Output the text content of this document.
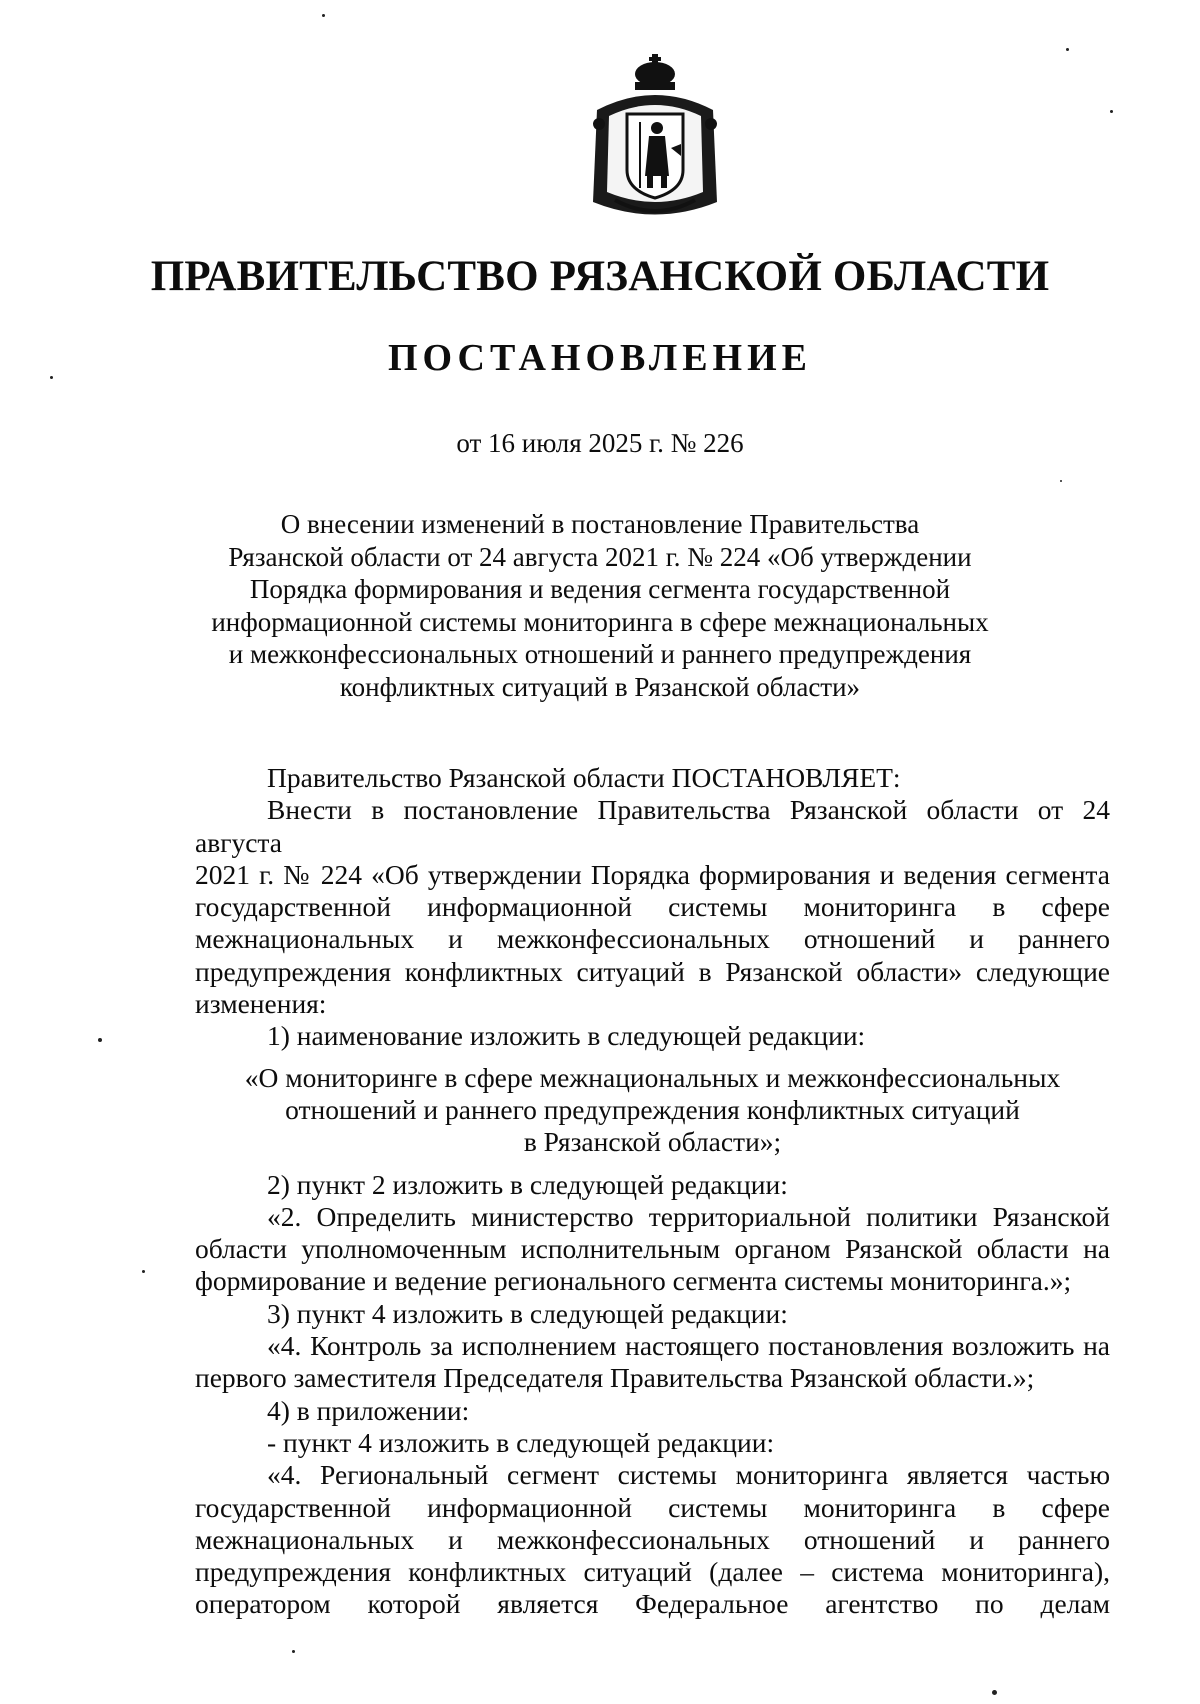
ПРАВИТЕЛЬСТВО РЯЗАНСКОЙ ОБЛАСТИ
ПОСТАНОВЛЕНИЕ
от 16 июля 2025 г. № 226
О внесении изменений в постановление Правительства
Рязанской области от 24 августа 2021 г. № 224 «Об утверждении
Порядка формирования и ведения сегмента государственной
информационной системы мониторинга в сфере межнациональных
и межконфессиональных отношений и раннего предупреждения
конфликтных ситуаций в Рязанской области»
Правительство Рязанской области ПОСТАНОВЛЯЕТ:
Внести в постановление Правительства Рязанской области от 24 августа
2021 г. № 224 «Об утверждении Порядка формирования и ведения сегмента
государственной информационной системы мониторинга в сфере
межнациональных и межконфессиональных отношений и раннего
предупреждения конфликтных ситуаций в Рязанской области» следующие
изменения:
1) наименование изложить в следующей редакции:
«О мониторинге в сфере межнациональных и межконфессиональных
отношений и раннего предупреждения конфликтных ситуаций
в Рязанской области»;
2) пункт 2 изложить в следующей редакции:
«2. Определить министерство территориальной политики Рязанской
области уполномоченным исполнительным органом Рязанской области на
формирование и ведение регионального сегмента системы мониторинга.»;
3) пункт 4 изложить в следующей редакции:
«4. Контроль за исполнением настоящего постановления возложить на
первого заместителя Председателя Правительства Рязанской области.»;
4) в приложении:
- пункт 4 изложить в следующей редакции:
«4. Региональный сегмент системы мониторинга является частью
государственной информационной системы мониторинга в сфере
межнациональных и межконфессиональных отношений и раннего
предупреждения конфликтных ситуаций (далее – система мониторинга),
оператором которой является Федеральное агентство по делам
